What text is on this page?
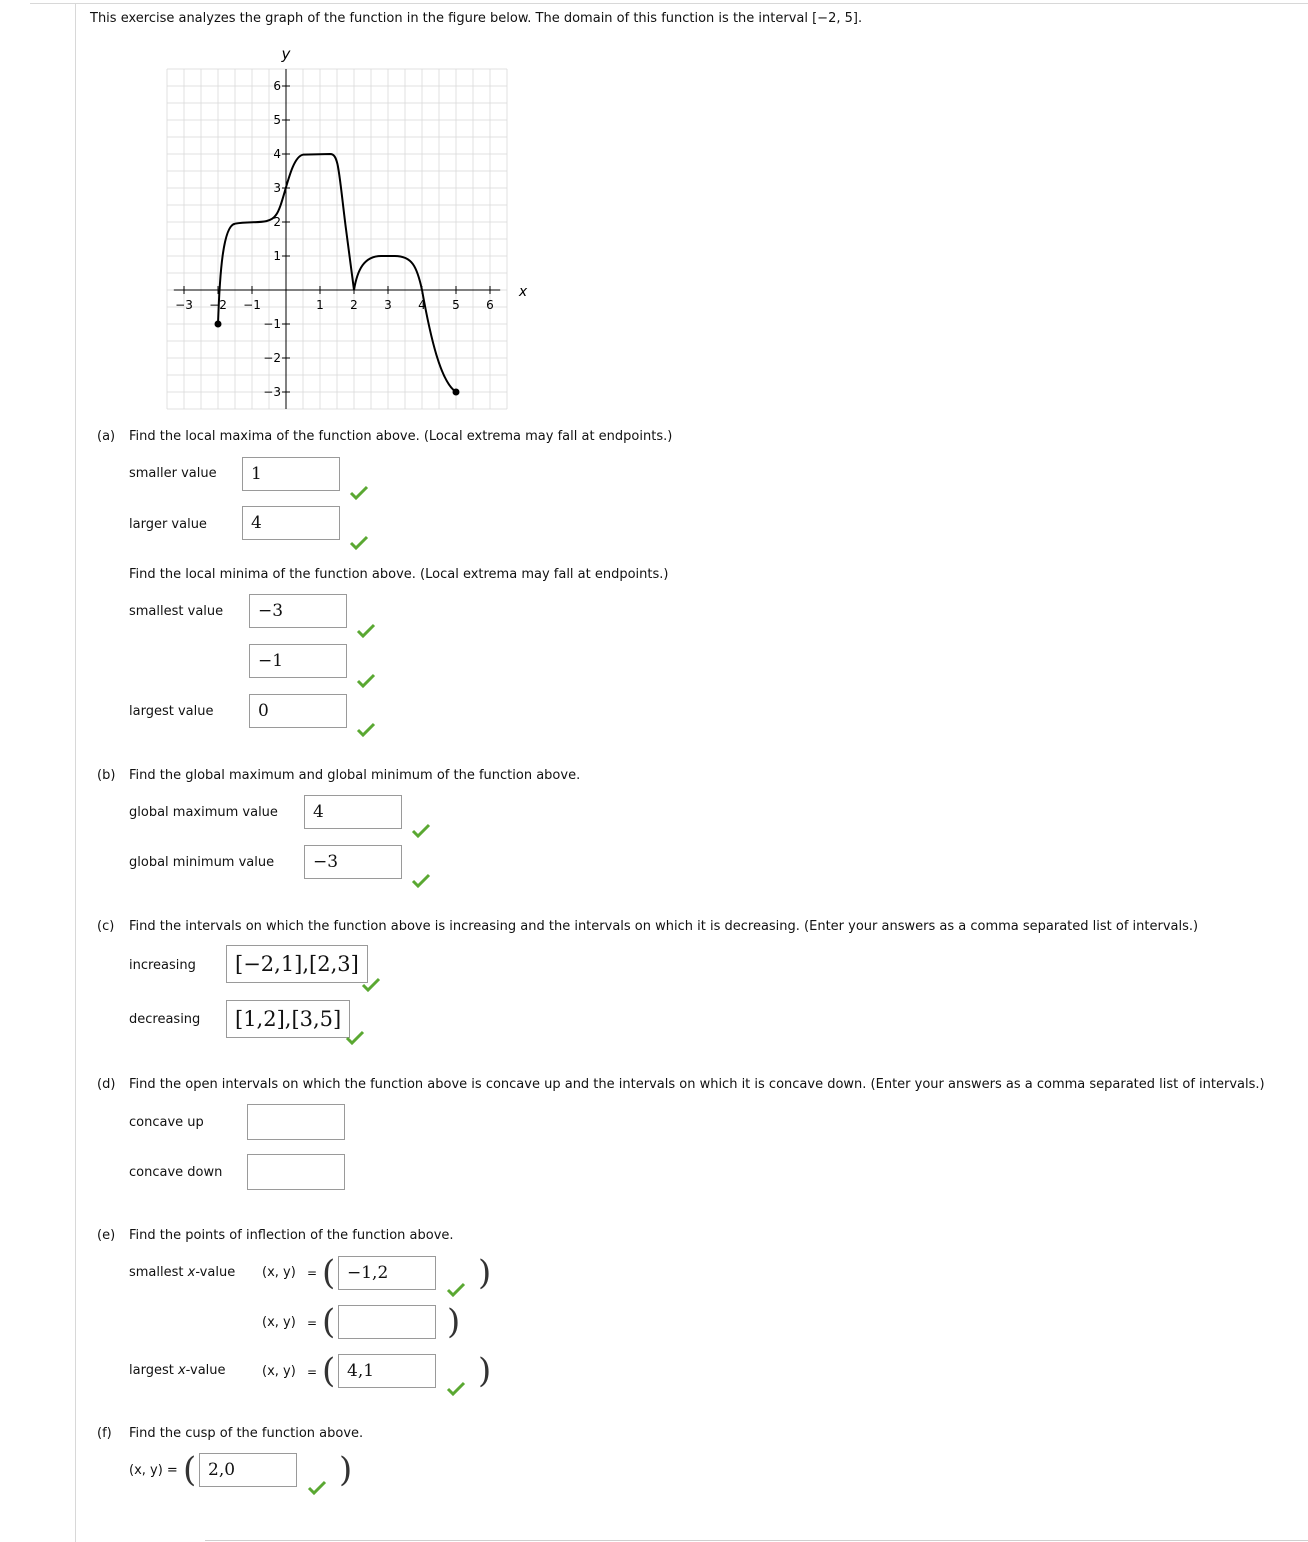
This exercise analyzes the graph of the function in the figure below. The domain of this function is the interval [−2, 5].
−3 −2 −1	1 2 3 4 5 6
6
5
4
3
2
1
−1
−2
−3
y
x
(a) Find the local maxima of the function above. (Local extrema may fall at endpoints.)
smaller value	1
larger value	4
Find the local minima of the function above. (Local extrema may fall at endpoints.)
smallest value	−3
−1
largest value	0
(b) Find the global maximum and global minimum of the function above.
global maximum value	4
global minimum value	−3
(c) Find the intervals on which the function above is increasing and the intervals on which it is decreasing. (Enter your answers as a comma separated list of intervals.)
increasing	[−2,1],[2,3]
decreasing	[1,2],[3,5]
(d) Find the open intervals on which the function above is concave up and the intervals on which it is concave down. (Enter your answers as a comma separated list of intervals.)
concave up
concave down
(e) Find the points of inflection of the function above.
smallest x-value (x, y) = ( −1,2	)
(x, y) = (	)
largest x-value	(x, y) = ( 4,1	)
(f) Find the cusp of the function above.
(x, y) = ( 2,0	)
